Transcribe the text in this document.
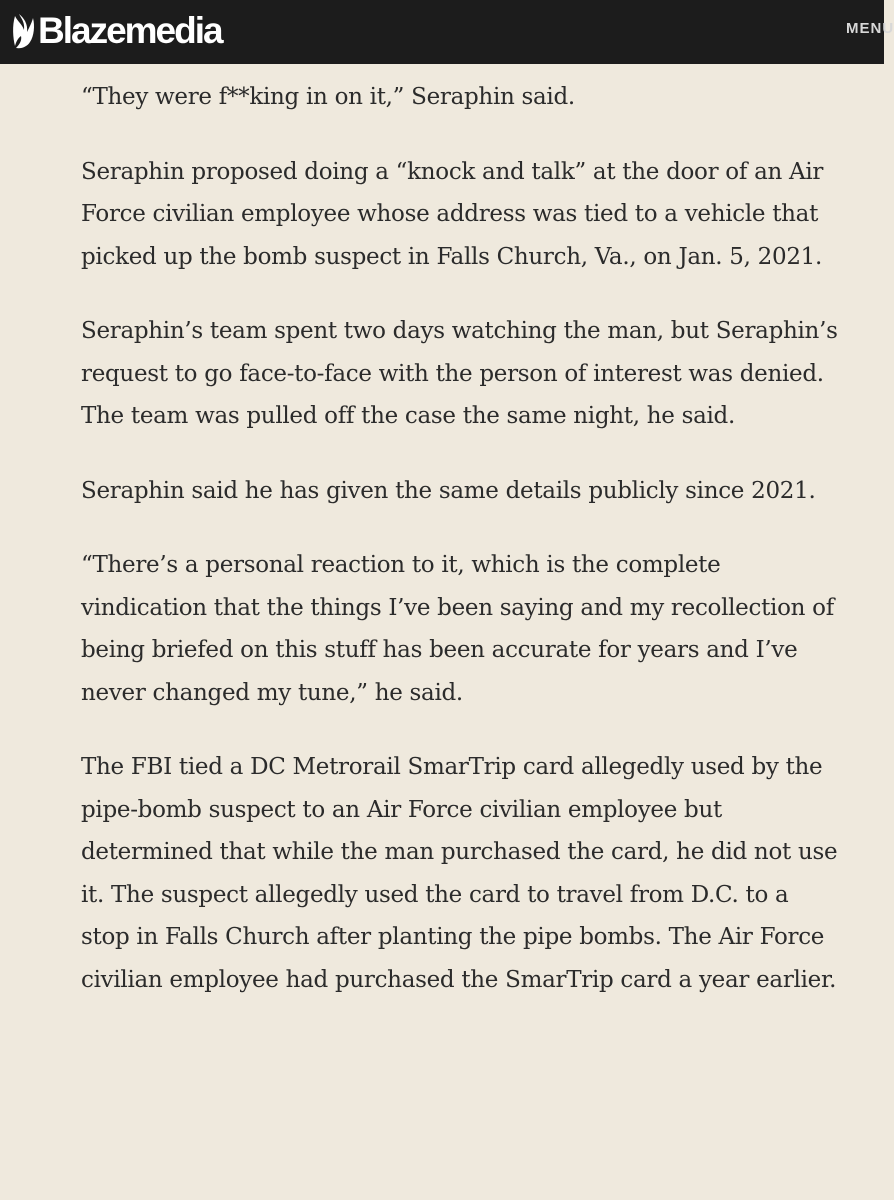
Blazemedia	MENU

“They were f**king in on it,” Seraphin said.

Seraphin proposed doing a “knock and talk” at the door of an Air Force civilian employee whose address was tied to a vehicle that picked up the bomb suspect in Falls Church, Va., on Jan. 5, 2021.

Seraphin’s team spent two days watching the man, but Seraphin’s request to go face-to-face with the person of interest was denied. The team was pulled off the case the same night, he said.

Seraphin said he has given the same details publicly since 2021.

“There’s a personal reaction to it, which is the complete vindication that the things I’ve been saying and my recollection of being briefed on this stuff has been accurate for years and I’ve never changed my tune,” he said.

The FBI tied a DC Metrorail SmarTrip card allegedly used by the pipe-bomb suspect to an Air Force civilian employee but determined that while the man purchased the card, he did not use it. The suspect allegedly used the card to travel from D.C. to a stop in Falls Church after planting the pipe bombs. The Air Force civilian employee had purchased the SmarTrip card a year earlier.
